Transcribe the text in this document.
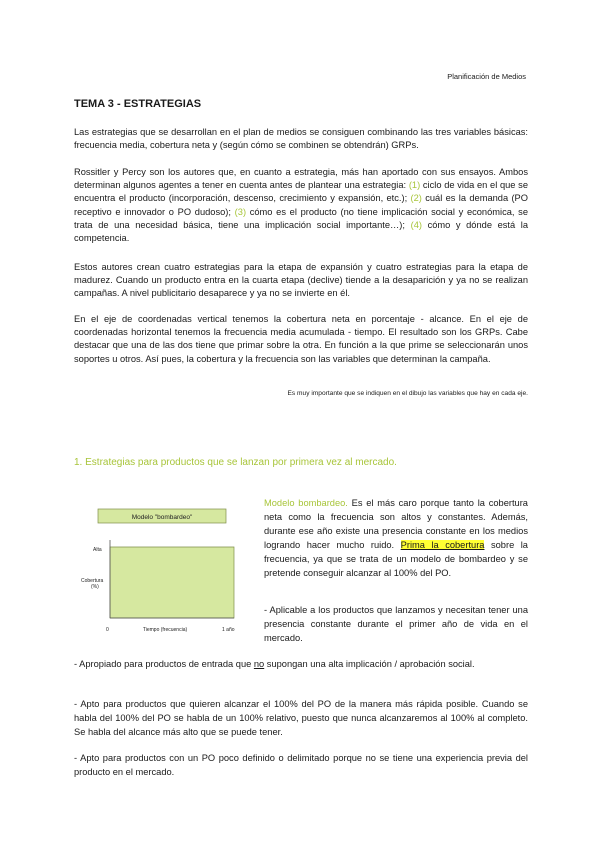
Planificación de Medios
TEMA 3 - ESTRATEGIAS

Las estrategias que se desarrollan en el plan de medios se consiguen combinando las tres variables básicas: frecuencia media, cobertura neta y (según cómo se combinen se obtendrán) GRPs.

Rossitler y Percy son los autores que, en cuanto a estrategia, más han aportado con sus ensayos. Ambos determinan algunos agentes a tener en cuenta antes de plantear una estrategia: (1) ciclo de vida en el que se encuentra el producto (incorporación, descenso, crecimiento y expansión, etc.); (2) cuál es la demanda (PO receptivo e innovador o PO dudoso); (3) cómo es el producto (no tiene implicación social y económica, se trata de una necesidad básica, tiene una implicación social importante…); (4) cómo y dónde está la competencia.

Estos autores crean cuatro estrategias para la etapa de expansión y cuatro estrategias para la etapa de madurez. Cuando un producto entra en la cuarta etapa (declive) tiende a la desaparición y ya no se realizan campañas. A nivel publicitario desaparece y ya no se invierte en él.

En el eje de coordenadas vertical tenemos la cobertura neta en porcentaje - alcance. En el eje de coordenadas horizontal tenemos la frecuencia media acumulada - tiempo. El resultado son los GRPs. Cabe destacar que una de las dos tiene que primar sobre la otra. En función a la que prime se seleccionarán unos soportes u otros. Así pues, la cobertura y la frecuencia son las variables que determinan la campaña.

Es muy importante que se indiquen en el dibujo las variables que hay en cada eje.
1. Estrategias para productos que se lanzan por primera vez al mercado.
Modelo "bombardeo"
Alta
Cobertura (%)
0	Tiempo (frecuencia)	1 año

Modelo bombardeo. Es el más caro porque tanto la cobertura neta como la frecuencia son altos y constantes. Además, durante ese año existe una presencia constante en los medios logrando hacer mucho ruido. Prima la cobertura sobre la frecuencia, ya que se trata de un modelo de bombardeo y se pretende conseguir alcanzar al 100% del PO.

- Aplicable a los productos que lanzamos y necesitan tener una presencia constante durante el primer año de vida en el mercado.

- Apropiado para productos de entrada que no supongan una alta implicación / aprobación social.

- Apto para productos que quieren alcanzar el 100% del PO de la manera más rápida posible. Cuando se habla del 100% del PO se habla de un 100% relativo, puesto que nunca alcanzaremos al 100% al completo. Se habla del alcance más alto que se puede tener.

- Apto para productos con un PO poco definido o delimitado porque no se tiene una experiencia previa del producto en el mercado.
